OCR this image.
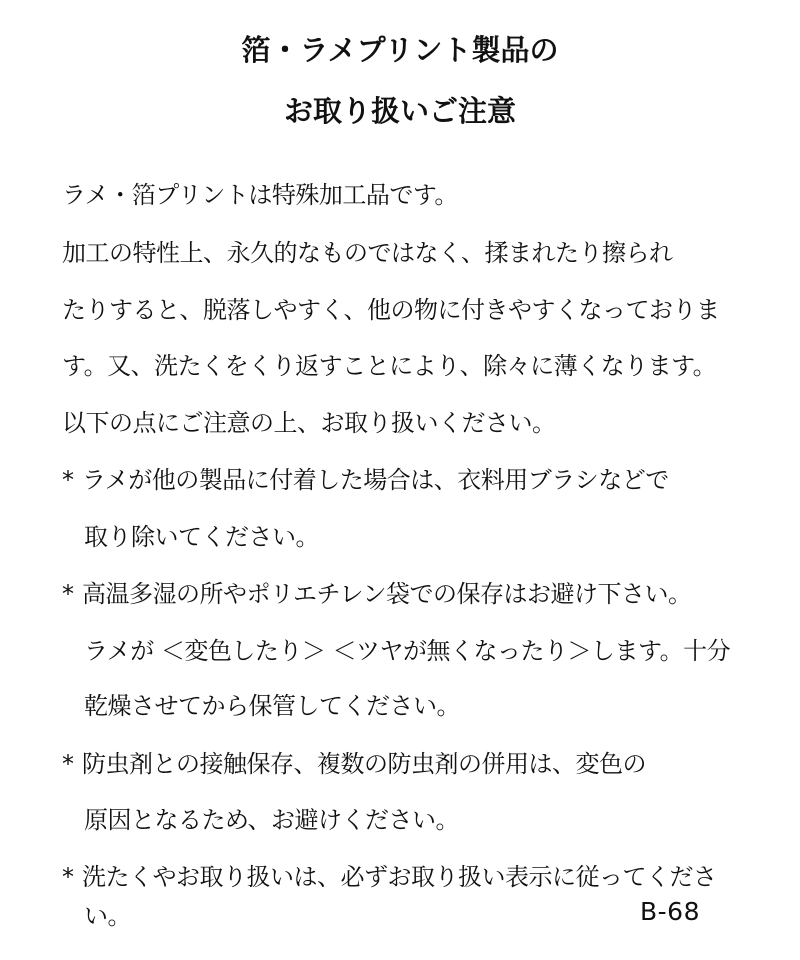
箔・ラメプリント製品の
お取り扱いご注意
ラメ・箔プリントは特殊加工品です。
加工の特性上、永久的なものではなく、揉まれたり擦られ
たりすると、脱落しやすく、他の物に付きやすくなっておりま
す。又、洗たくをくり返すことにより、除々に薄くなります。
以下の点にご注意の上、お取り扱いください。
* ラメが他の製品に付着した場合は、衣料用ブラシなどで
取り除いてください。
* 高温多湿の所やポリエチレン袋での保存はお避け下さい。
ラメが ＜変色したり＞ ＜ツヤが無くなったり＞します。十分
乾燥させてから保管してください。
* 防虫剤との接触保存、複数の防虫剤の併用は、変色の
原因となるため、お避けください。
* 洗たくやお取り扱いは、必ずお取り扱い表示に従ってくださ
い。	B-68
